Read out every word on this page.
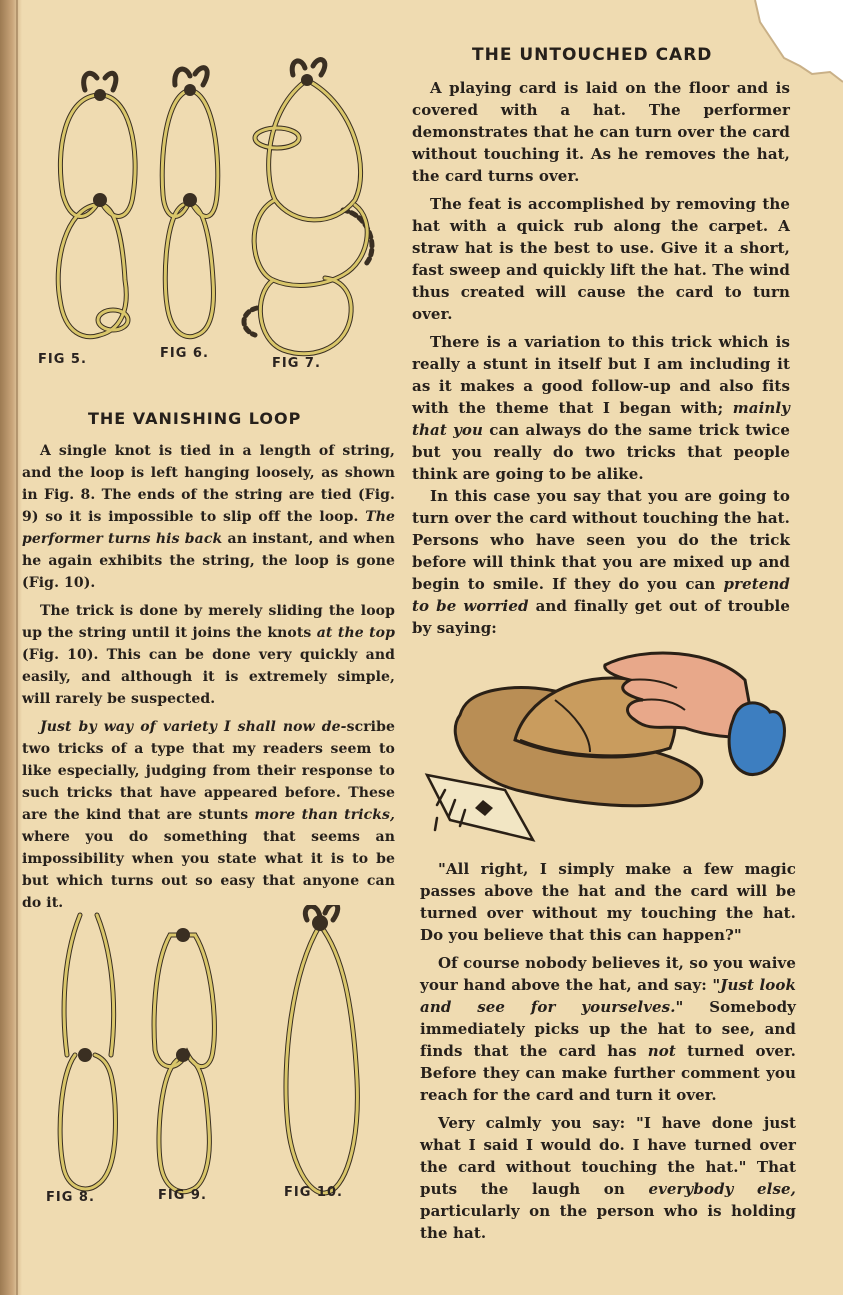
FIG 5.	FIG 6.
FIG 7.
THE UNTOUCHED CARD

A playing card is laid on the floor and is covered with a hat. The performer demonstrates that he can turn over the card without touching it. As he removes the hat, the card turns over.

The feat is accomplished by removing the hat with a quick rub along the carpet. A straw hat is the best to use. Give it a short, fast sweep and quickly lift the hat. The wind thus created will cause the card to turn over.

There is a variation to this trick which is really a stunt in itself but I am including it as it makes a good follow-up and also fits with the theme that I began with; mainly that you can always do the same trick twice but you really do two tricks that people think are going to be alike.

In this case you say that you are going to turn over the card without touching the hat. Persons who have seen you do the trick before will think that you are mixed up and begin to smile. If they do you can pretend to be worried and finally get out of trouble by saying:

"All right, I simply make a few magic passes above the hat and the card will be turned over without my touching the hat. Do you believe that this can happen?"

Of course nobody believes it, so you waive your hand above the hat, and say: "Just look and see for yourselves." Somebody immediately picks up the hat to see, and finds that the card has not turned over. Before they can make further comment you reach for the card and turn it over.

Very calmly you say: "I have done just what I said I would do. I have turned over the card without touching the hat." That puts the laugh on everybody else, particularly on the person who is holding the hat.

THE VANISHING LOOP

A single knot is tied in a length of string, and the loop is left hanging loosely, as shown in Fig. 8. The ends of the string are tied (Fig. 9) so it is impossible to slip off the loop. The performer turns his back an instant, and when he again exhibits the string, the loop is gone (Fig. 10).

The trick is done by merely sliding the loop up the string until it joins the knots at the top (Fig. 10). This can be done very quickly and easily, and although it is extremely simple, will rarely be suspected.

Just by way of variety I shall now de-scribe two tricks of a type that my readers seem to like especially, judging from their response to such tricks that have appeared before. These are the kind that are stunts more than tricks, where you do something that seems an impossibility when you state what it is to be but which turns out so easy that anyone can do it.

FIG 8.	FIG 9.	FIG 10.
